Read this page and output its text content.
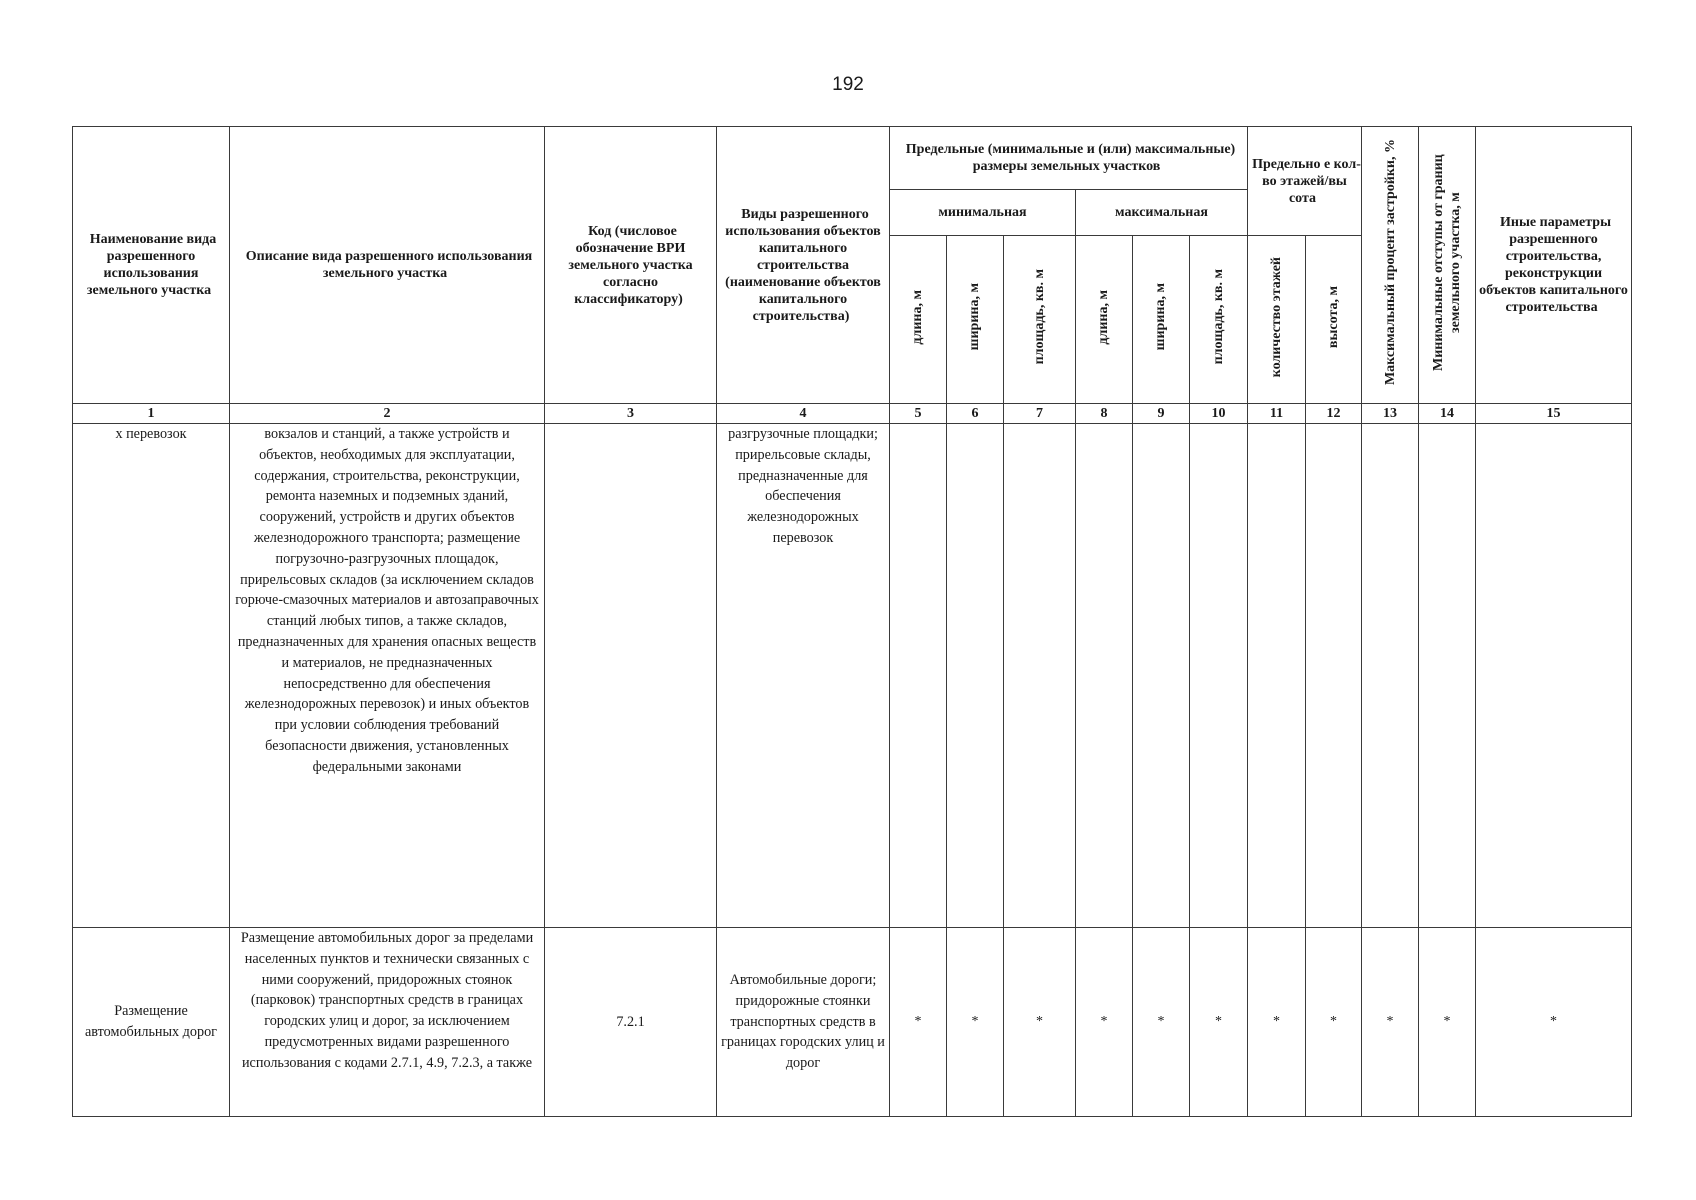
192
Наименование вида разрешенного использования земельного участка	Описание вида разрешенного использования земельного участка	Код (числовое обозначение ВРИ земельного участка согласно классификатору)	Виды разрешенного использования объектов капитального строительства (наименование объектов капитального строительства)	Предельные (минимальные и (или) максимальные) размеры земельных участков						Предельно е кол-во этажей/вы сота		Максимальный процент застройки, %	Минимальные отступы от границ земельного участка, м	Иные параметры разрешенного строительства, реконструкции объектов капитального строительства
				минимальная			максимальная							
				длина, м	ширина, м	площадь, кв. м	длина, м	ширина, м	площадь, кв. м	количество этажей	высота, м			
1	2	3	4	5	6	7	8	9	10	11	12	13	14	15
х перевозок	вокзалов и станций, а также устройств и объектов, необходимых для эксплуатации, содержания, строительства, реконструкции, ремонта наземных и подземных зданий, сооружений, устройств и других объектов железнодорожного транспорта; размещение погрузочно-разгрузочных площадок, прирельсовых складов (за исключением складов горюче-смазочных материалов и автозаправочных станций любых типов, а также складов, предназначенных для хранения опасных веществ и материалов, не предназначенных непосредственно для обеспечения железнодорожных перевозок) и иных объектов при условии соблюдения требований безопасности движения, установленных федеральными законами		разгрузочные площадки; прирельсовые склады, предназначенные для обеспечения железнодорожных перевозок											

Размещение автомобильных дорог	Размещение автомобильных дорог за пределами населенных пунктов и технически связанных с ними сооружений, придорожных стоянок (парковок) транспортных средств в границах городских улиц и дорог, за исключением предусмотренных видами разрешенного использования с кодами 2.7.1, 4.9, 7.2.3, а также	7.2.1	Автомобильные дороги; придорожные стоянки транспортных средств в границах городских улиц и дорог	*	*	*	*	*	*	*	*	*	*	*
